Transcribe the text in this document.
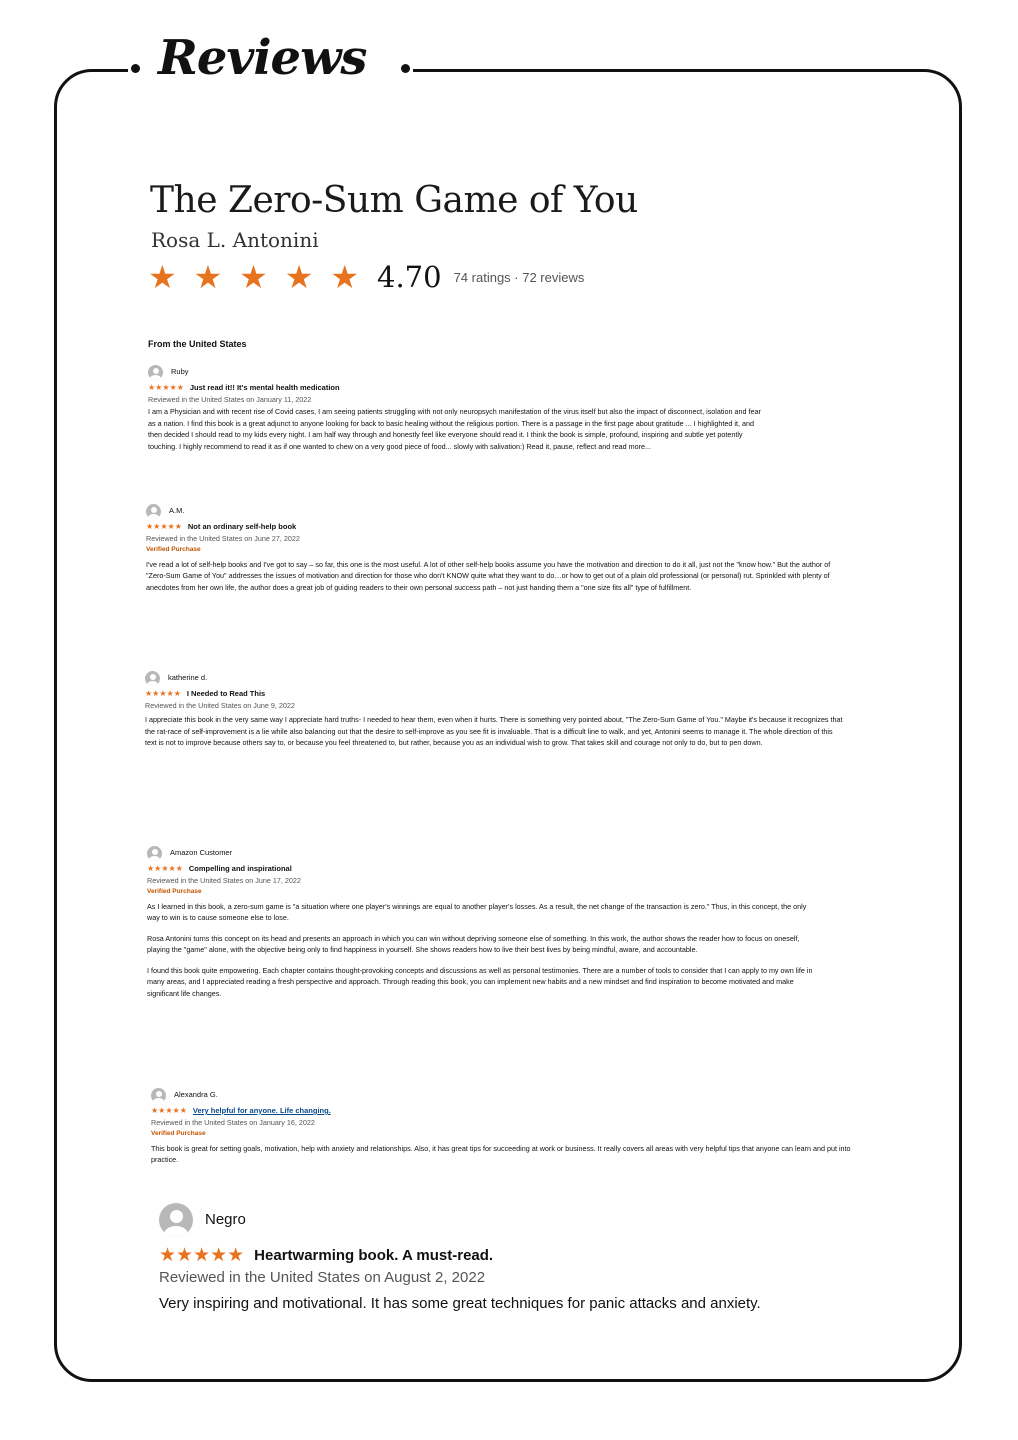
Reviews
The Zero-Sum Game of You
Rosa L. Antonini
★ ★ ★ ★ ★ 4.70 74 ratings · 72 reviews
From the United States
Ruby
★★★★★ Just read it!! It's mental health medication
Reviewed in the United States on January 11, 2022

I am a Physician and with recent rise of Covid cases, I am seeing patients struggling with not only neuropsych manifestation of the virus itself but also the impact of disconnect, isolation and fear as a nation. I find this book is a great adjunct to anyone looking for back to basic healing without the religious portion. There is a passage in the first page about gratitude ... I highlighted it, and then decided I should read to my kids every night. I am half way through and honestly feel like everyone should read it. I think the book is simple, profound, inspiring and subtle yet potently touching. I highly recommend to read it as if one wanted to chew on a very good piece of food... slowly with salivation:) Read it, pause, reflect and read more...

A.M.
★★★★★ Not an ordinary self-help book
Reviewed in the United States on June 27, 2022
Verified Purchase

I've read a lot of self-help books and I've got to say – so far, this one is the most useful. A lot of other self-help books assume you have the motivation and direction to do it all, just not the "know how." But the author of "Zero-Sum Game of You" addresses the issues of motivation and direction for those who don't KNOW quite what they want to do…or how to get out of a plain old professional (or personal) rut. Sprinkled with plenty of anecdotes from her own life, the author does a great job of guiding readers to their own personal success path – not just handing them a "one size fits all" type of fulfillment.

katherine d.
★★★★★ I Needed to Read This
Reviewed in the United States on June 9, 2022

I appreciate this book in the very same way I appreciate hard truths- I needed to hear them, even when it hurts. There is something very pointed about, "The Zero-Sum Game of You." Maybe it's because it recognizes that the rat-race of self-improvement is a lie while also balancing out that the desire to self-improve as you see fit is invaluable. That is a difficult line to walk, and yet, Antonini seems to manage it. The whole direction of this text is not to improve because others say to, or because you feel threatened to, but rather, because you as an individual wish to grow. That takes skill and courage not only to do, but to pen down.

Amazon Customer
★★★★★ Compelling and inspirational
Reviewed in the United States on June 17, 2022
Verified Purchase

As I learned in this book, a zero-sum game is "a situation where one player's winnings are equal to another player's losses. As a result, the net change of the transaction is zero." Thus, in this concept, the only way to win is to cause someone else to lose.

Rosa Antonini turns this concept on its head and presents an approach in which you can win without depriving someone else of something. In this work, the author shows the reader how to focus on oneself, playing the "game" alone, with the objective being only to find happiness in yourself. She shows readers how to live their best lives by being mindful, aware, and accountable.

I found this book quite empowering. Each chapter contains thought-provoking concepts and discussions as well as personal testimonies. There are a number of tools to consider that I can apply to my own life in many areas, and I appreciated reading a fresh perspective and approach. Through reading this book, you can implement new habits and a new mindset and find inspiration to become motivated and make significant life changes.

Alexandra G.
★★★★★ Very helpful for anyone. Life changing.
Reviewed in the United States on January 16, 2022
Verified Purchase

This book is great for setting goals, motivation, help with anxiety and relationships. Also, it has great tips for succeeding at work or business. It really covers all areas with very helpful tips that anyone can learn and put into practice.

Negro
★★★★★ Heartwarming book. A must-read.
Reviewed in the United States on August 2, 2022

Very inspiring and motivational. It has some great techniques for panic attacks and anxiety.
